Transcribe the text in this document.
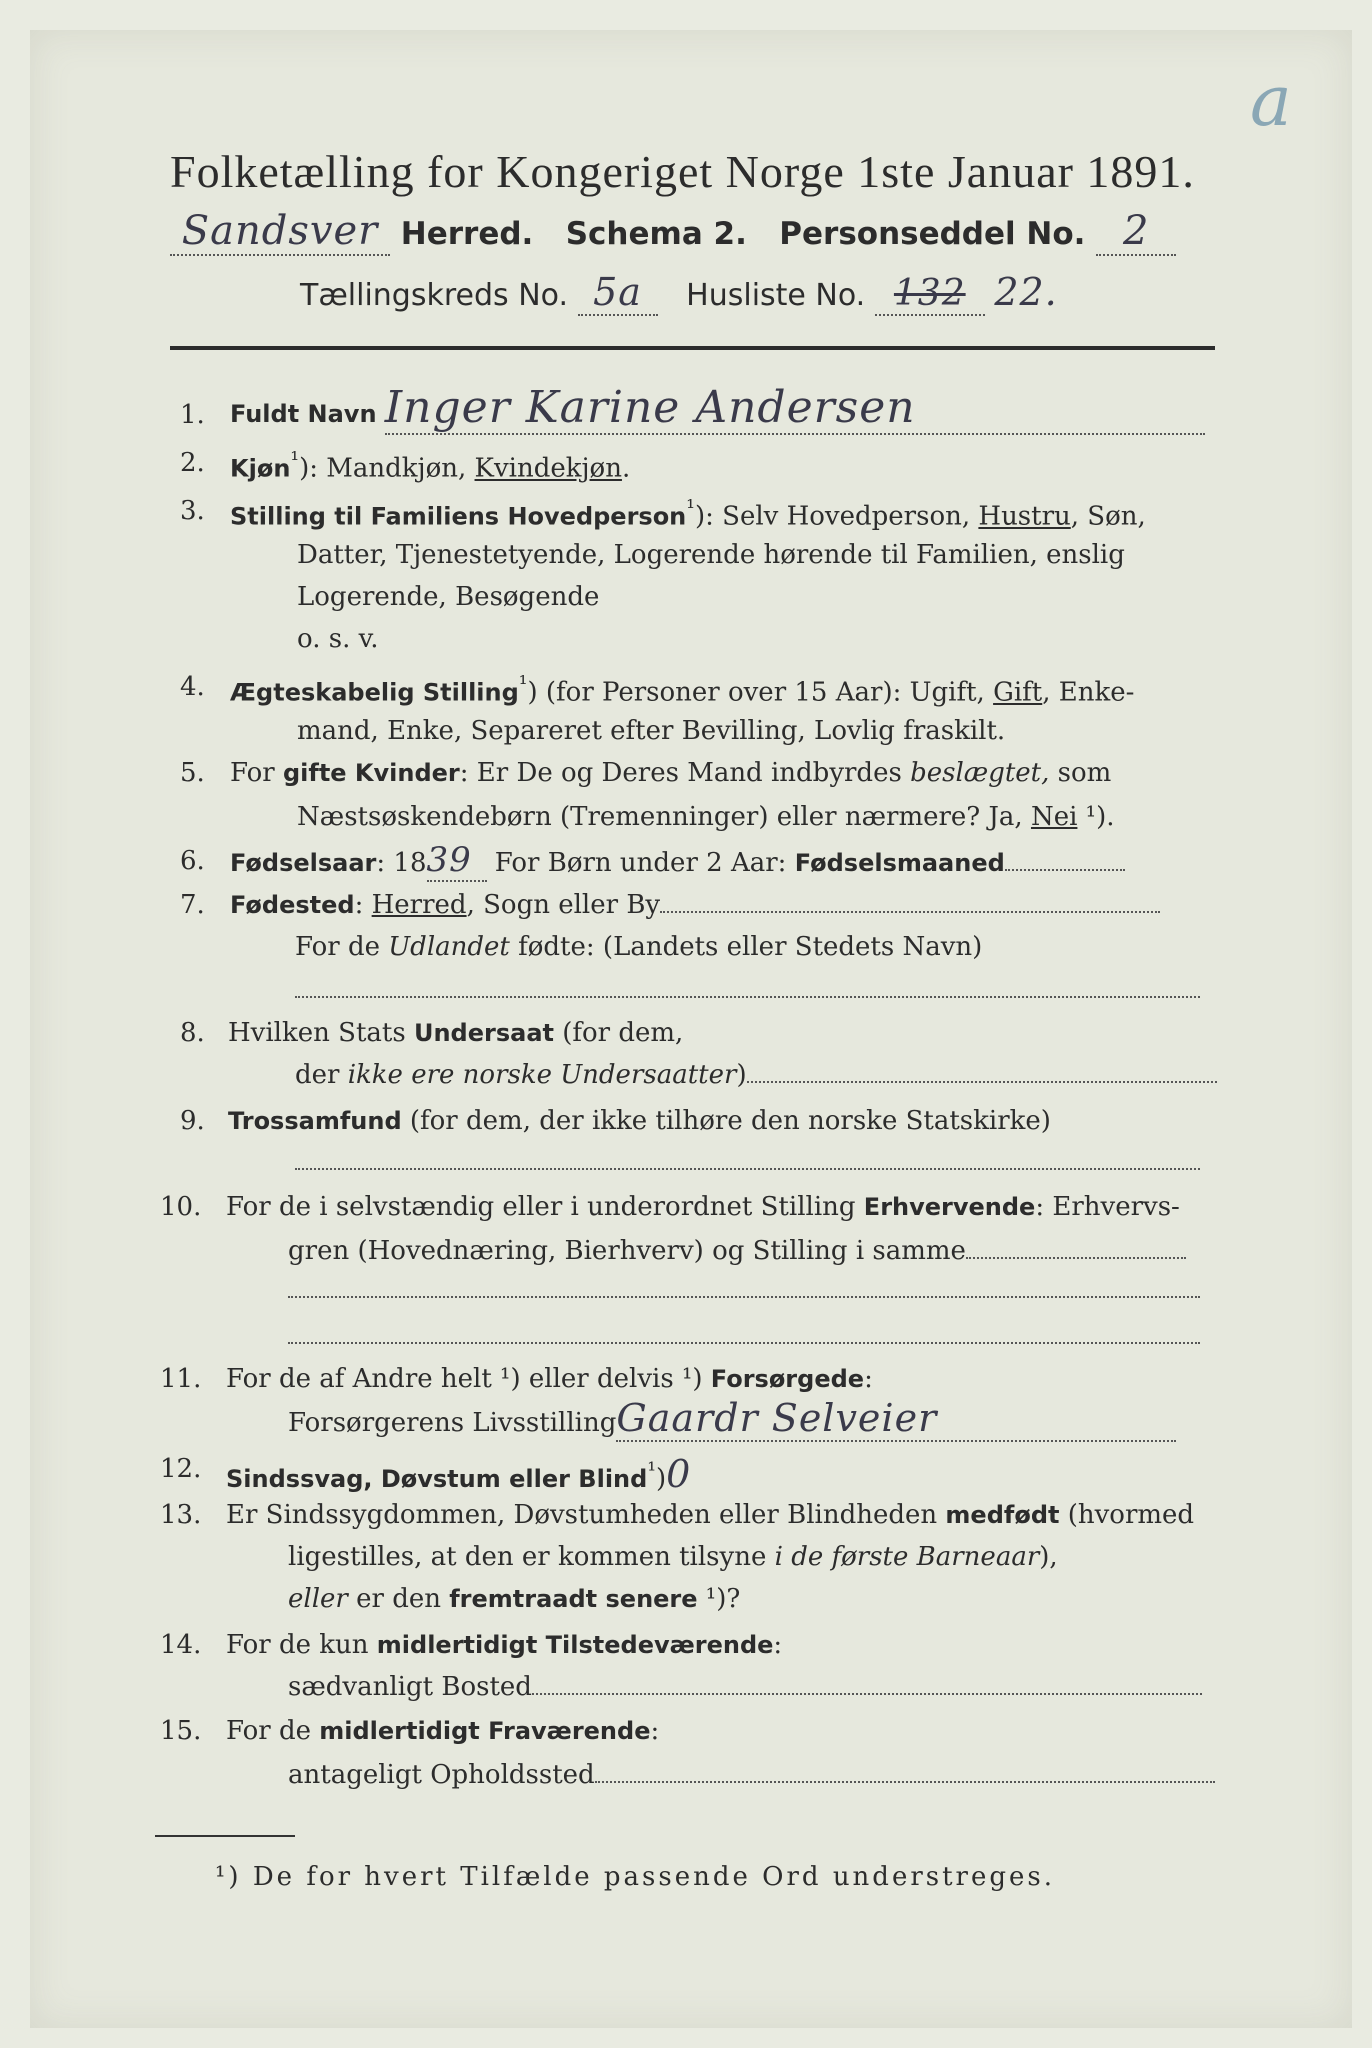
a
Folketælling for Kongeriget Norge 1ste Januar 1891.
Sandsver Herred. Schema 2. Personseddel No. 2
Tællingskreds No. 5a Husliste No. 132 22.
1. Fuldt Navn Inger Karine Andersen
2. Kjøn$^{^1}$): Mandkjøn, Kvindekjøn.
3. Stilling til Familiens Hovedperson$^{^1}$): Selv Hovedperson, Hustru, Søn,
Datter, Tjenestetyende, Logerende hørende til Familien, enslig
Logerende, Besøgende
o. s. v.
4. Ægteskabelig Stilling$^{^1}$) (for Personer over 15 Aar): Ugift, Gift, Enke-
mand, Enke, Separeret efter Bevilling, Lovlig fraskilt.
5. For gifte Kvinder: Er De og Deres Mand indbyrdes beslægtet, som
Næstsøskendebørn (Tremenninger) eller nærmere? Ja, Nei ¹).
6. Fødselsaar: 1839 For Børn under 2 Aar: Fødselsmaaned
7. Fødested: Herred, Sogn eller By
For de Udlandet fødte: (Landets eller Stedets Navn)
8. Hvilken Stats Undersaat (for dem,
der ikke ere norske Undersaatter)
9. Trossamfund (for dem, der ikke tilhøre den norske Statskirke)
10. For de i selvstændig eller i underordnet Stilling Erhvervende: Erhvervs-
gren (Hovednæring, Bierhverv) og Stilling i samme
11. For de af Andre helt ¹) eller delvis ¹) Forsørgede:
Forsørgerens LivsstillingGaardr Selveier
12. Sindssvag, Døvstum eller Blind$^{^1}$)0
13. Er Sindssygdommen, Døvstumheden eller Blindheden medfødt (hvormed
ligestilles, at den er kommen tilsyne i de første Barneaar),
eller er den fremtraadt senere ¹)?
14. For de kun midlertidigt Tilstedeværende:
sædvanligt Bosted
15. For de midlertidigt Fraværende:
antageligt Opholdssted
¹) De for hvert Tilfælde passende Ord understreges.
